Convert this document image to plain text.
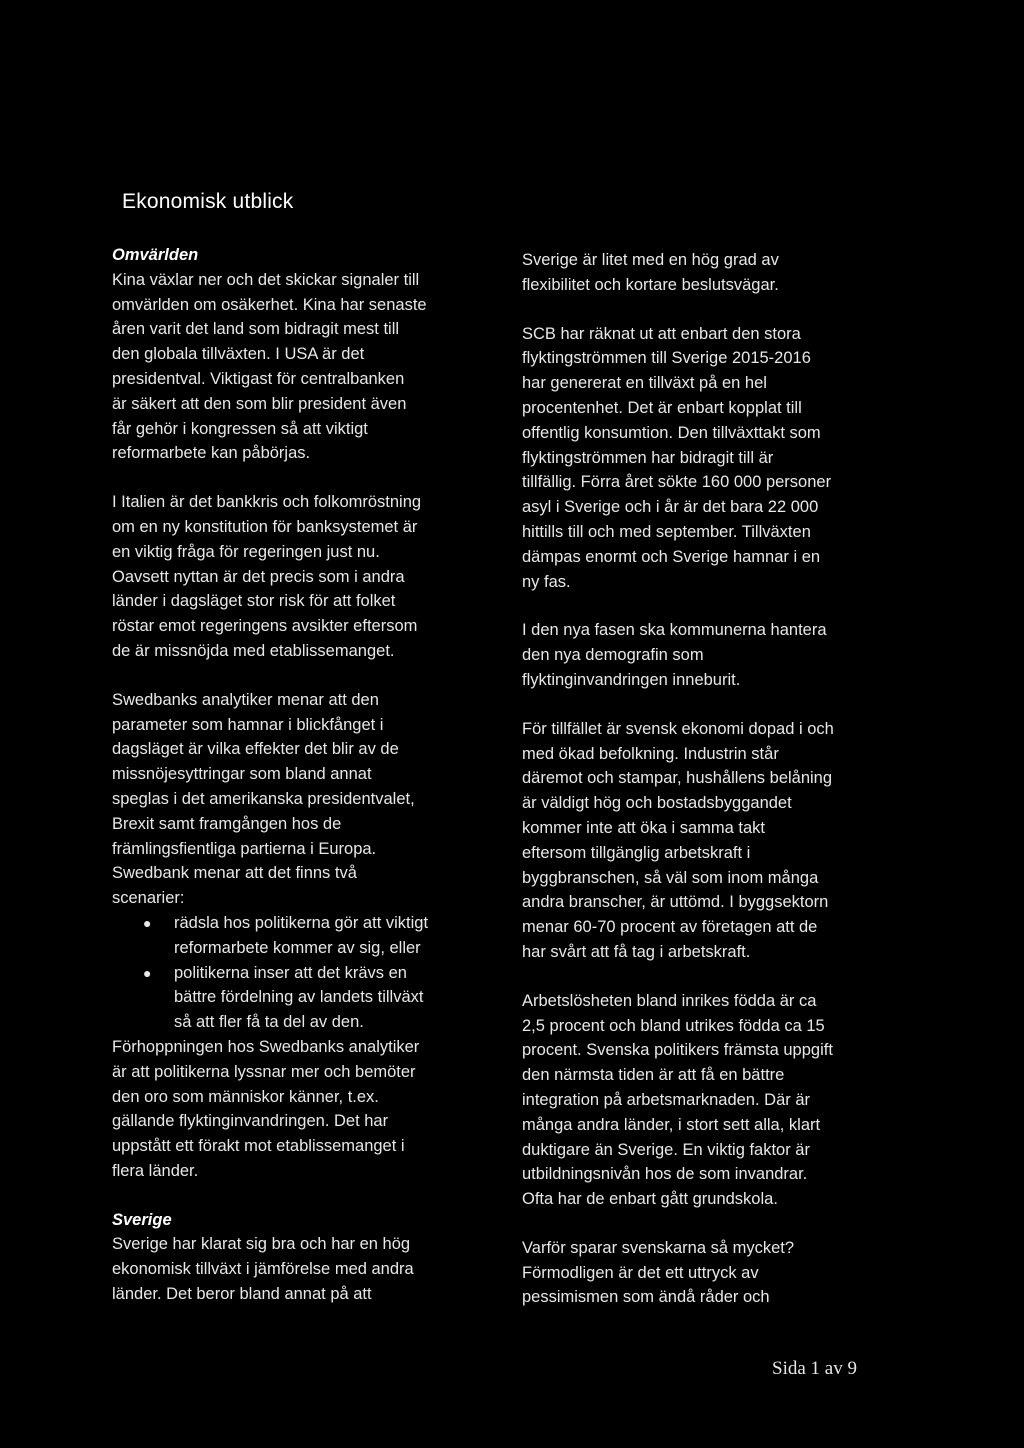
Ekonomisk utblick
Omvärlden

Kina växlar ner och det skickar signaler till
omvärlden om osäkerhet. Kina har senaste
åren varit det land som bidragit mest till
den globala tillväxten. I USA är det
presidentval. Viktigast för centralbanken
är säkert att den som blir president även
får gehör i kongressen så att viktigt
reformarbete kan påbörjas.

I Italien är det bankkris och folkomröstning
om en ny konstitution för banksystemet är
en viktig fråga för regeringen just nu.
Oavsett nyttan är det precis som i andra
länder i dagsläget stor risk för att folket
röstar emot regeringens avsikter eftersom
de är missnöjda med etablissemanget.

Swedbanks analytiker menar att den
parameter som hamnar i blickfånget i
dagsläget är vilka effekter det blir av de
missnöjesyttringar som bland annat
speglas i det amerikanska presidentvalet,
Brexit samt framgången hos de
främlingsfientliga partierna i Europa.
Swedbank menar att det finns två
scenarier:

● rädsla hos politikerna gör att viktigt
reformarbete kommer av sig, eller
● politikerna inser att det krävs en
bättre fördelning av landets tillväxt
så att fler få ta del av den.

Förhoppningen hos Swedbanks analytiker
är att politikerna lyssnar mer och bemöter
den oro som människor känner, t.ex.
gällande flyktinginvandringen. Det har
uppstått ett förakt mot etablissemanget i
flera länder.

Sverige

Sverige har klarat sig bra och har en hög
ekonomisk tillväxt i jämförelse med andra
länder. Det beror bland annat på att

Sverige är litet med en hög grad av
flexibilitet och kortare beslutsvägar.

SCB har räknat ut att enbart den stora
flyktingströmmen till Sverige 2015-2016
har genererat en tillväxt på en hel
procentenhet. Det är enbart kopplat till
offentlig konsumtion. Den tillväxttakt som
flyktingströmmen har bidragit till är
tillfällig. Förra året sökte 160 000 personer
asyl i Sverige och i år är det bara 22 000
hittills till och med september. Tillväxten
dämpas enormt och Sverige hamnar i en
ny fas.

I den nya fasen ska kommunerna hantera
den nya demografin som
flyktinginvandringen inneburit.

För tillfället är svensk ekonomi dopad i och
med ökad befolkning. Industrin står
däremot och stampar, hushållens belåning
är väldigt hög och bostadsbyggandet
kommer inte att öka i samma takt
eftersom tillgänglig arbetskraft i
byggbranschen, så väl som inom många
andra branscher, är uttömd. I byggsektorn
menar 60-70 procent av företagen att de
har svårt att få tag i arbetskraft.

Arbetslösheten bland inrikes födda är ca
2,5 procent och bland utrikes födda ca 15
procent. Svenska politikers främsta uppgift
den närmsta tiden är att få en bättre
integration på arbetsmarknaden. Där är
många andra länder, i stort sett alla, klart
duktigare än Sverige. En viktig faktor är
utbildningsnivån hos de som invandrar.
Ofta har de enbart gått grundskola.

Varför sparar svenskarna så mycket?
Förmodligen är det ett uttryck av
pessimismen som ändå råder och

Sida 1 av 9
